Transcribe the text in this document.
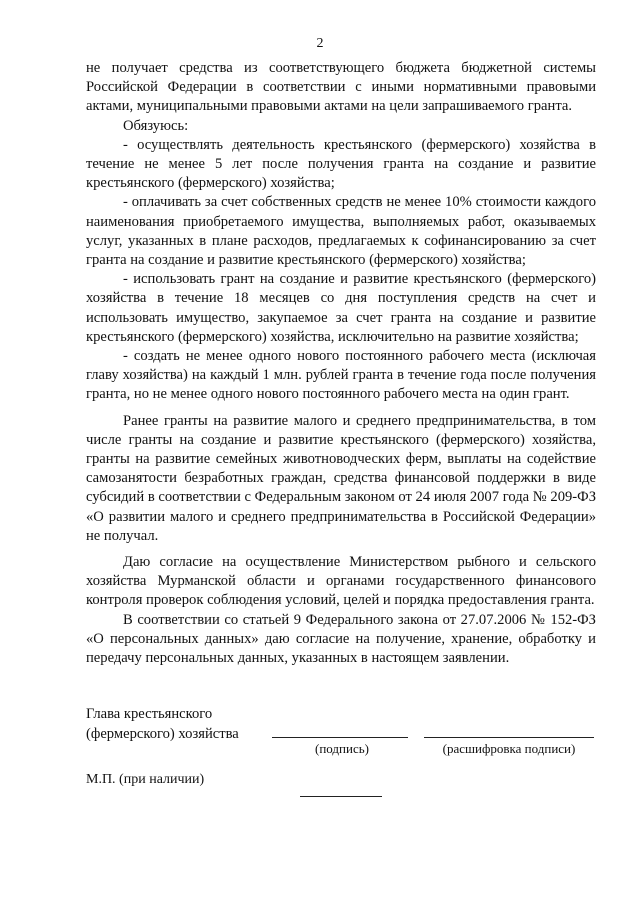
2

не получает средства из соответствующего бюджета бюджетной системы Российской Федерации в соответствии с иными нормативными правовыми актами, муниципальными правовыми актами на цели запрашиваемого гранта.

Обязуюсь:

- осуществлять деятельность крестьянского (фермерского) хозяйства в течение не менее 5 лет после получения гранта на создание и развитие крестьянского (фермерского) хозяйства;

- оплачивать за счет собственных средств не менее 10% стоимости каждого наименования приобретаемого имущества, выполняемых работ, оказываемых услуг, указанных в плане расходов, предлагаемых к софинансированию за счет гранта на создание и развитие крестьянского (фермерского) хозяйства;

- использовать грант на создание и развитие крестьянского (фермерского) хозяйства в течение 18 месяцев со дня поступления средств на счет и использовать имущество, закупаемое за счет гранта на создание и развитие крестьянского (фермерского) хозяйства, исключительно на развитие хозяйства;

- создать не менее одного нового постоянного рабочего места (исключая главу хозяйства) на каждый 1 млн. рублей гранта в течение года после получения гранта, но не менее одного нового постоянного рабочего места на один грант.

Ранее гранты на развитие малого и среднего предпринимательства, в том числе гранты на создание и развитие крестьянского (фермерского) хозяйства, гранты на развитие семейных животноводческих ферм, выплаты на содействие самозанятости безработных граждан, средства финансовой поддержки в виде субсидий в соответствии с Федеральным законом от 24 июля 2007 года № 209-ФЗ «О развитии малого и среднего предпринимательства в Российской Федерации» не получал.

Даю согласие на осуществление Министерством рыбного и сельского хозяйства Мурманской области и органами государственного финансового контроля проверок соблюдения условий, целей и порядка предоставления гранта.

В соответствии со статьей 9 Федерального закона от 27.07.2006 № 152-ФЗ «О персональных данных» даю согласие на получение, хранение, обработку и передачу персональных данных, указанных в настоящем заявлении.

Глава крестьянского
(фермерского) хозяйства
(подпись)	(расшифровка подписи)
М.П. (при наличии)
